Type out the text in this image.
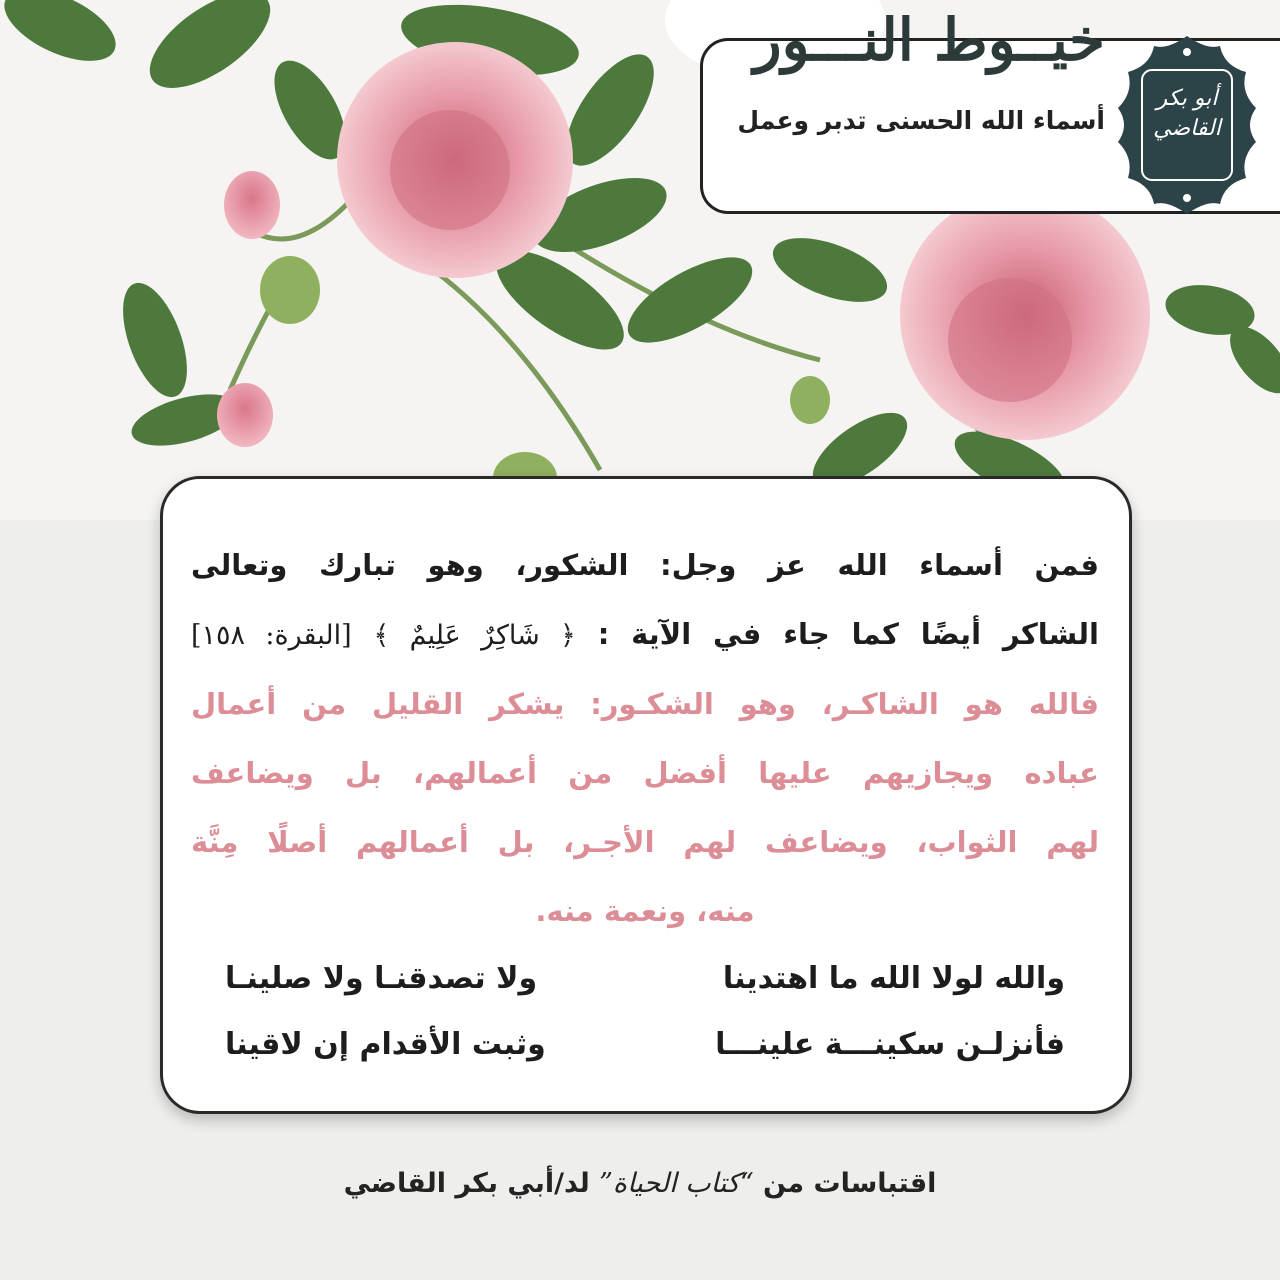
خيــوط النـــور
أسماء الله الحسنى تدبر وعمل
أبو بكر القاضي

فمن أسماء الله عز وجل: الشكور، وهو تبارك وتعالى

الشاكر أيضًا كما جاء في الآية : ﴿ شَاكِرٌ عَلِيمٌ ﴾ [البقرة: ١٥٨]

فالله هو الشاكـر، وهو الشكـور: يشكر القليل من أعمال

عباده ويجازيهم عليها أفضل من أعمالهم، بل ويضاعف

لهم الثواب، ويضاعف لهم الأجـر، بل أعمالهم أصلًا مِنَّة

منه، ونعمة منه.

والله لولا الله ما اهتدينا
ولا تصدقنـا ولا صلينـا
فأنزلـن سكينـــة علينـــا
وثبت الأقدام إن لاقينا
اقتباسات من “كتاب الحياة” لد/أبي بكر القاضي
